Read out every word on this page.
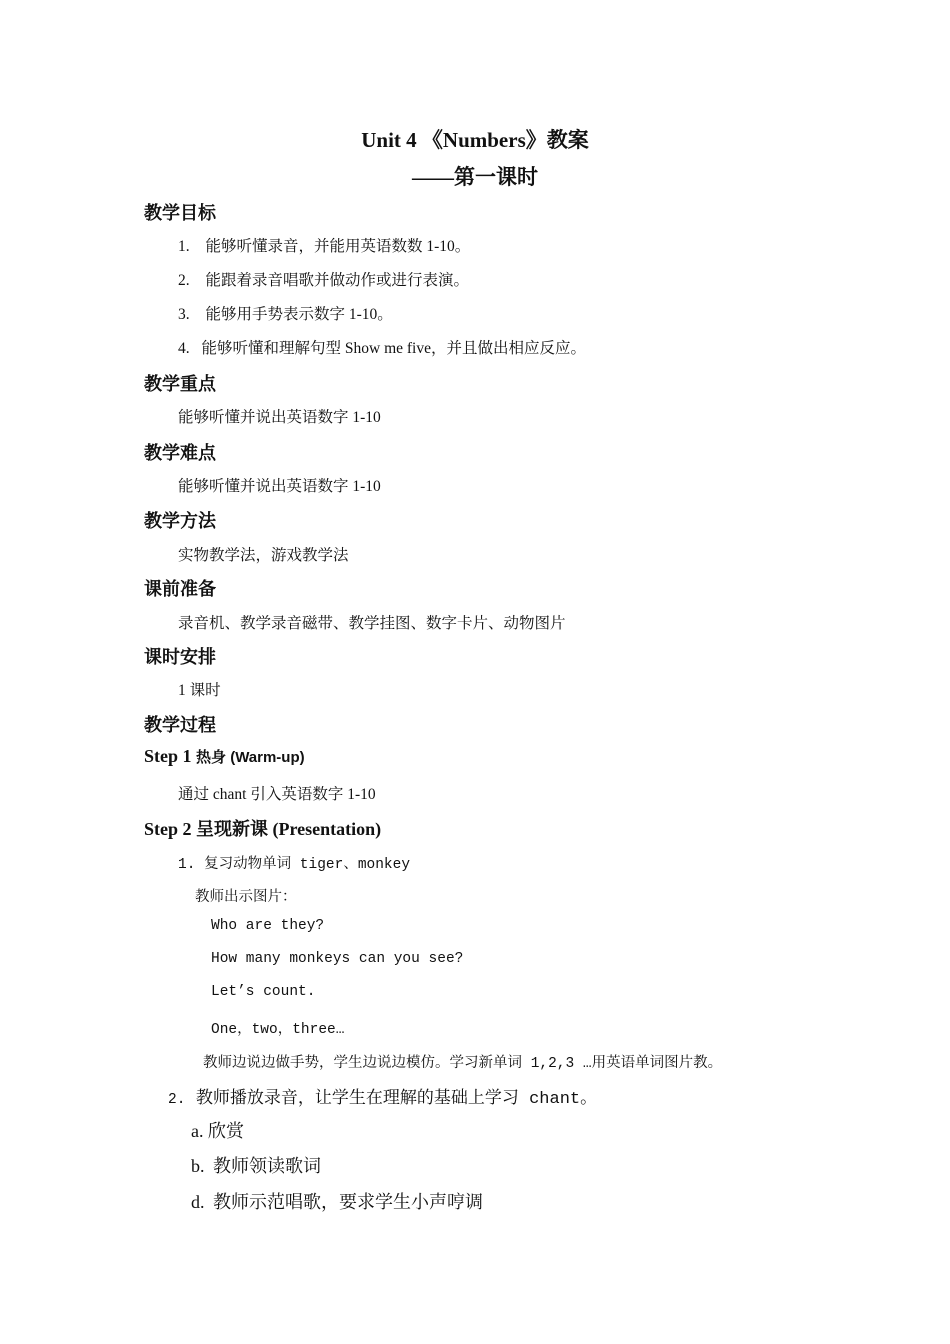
Unit 4 《Numbers》教案
——第一课时
教学目标
1. 能够听懂录音，并能用英语数数 1-10。
2. 能跟着录音唱歌并做动作或进行表演。
3. 能够用手势表示数字 1-10。
4. 能够听懂和理解句型 Show me five，并且做出相应反应。
教学重点
能够听懂并说出英语数字 1-10
教学难点
能够听懂并说出英语数字 1-10
教学方法
实物教学法，游戏教学法
课前准备
录音机、教学录音磁带、教学挂图、数字卡片、动物图片
课时安排
1 课时
教学过程
Step 1 热身 (Warm-up)
通过 chant 引入英语数字 1-10
Step 2 呈现新课 (Presentation)
1. 复习动物单词 tiger、monkey
教师出示图片：
Who are they?
How many monkeys can you see?
Let’s count.
One，two，three…
教师边说边做手势，学生边说边模仿。学习新单词 1,2,3 …用英语单词图片教。
2. 教师播放录音，让学生在理解的基础上学习 chant。
a. 欣赏
b. 教师领读歌词
d. 教师示范唱歌，要求学生小声哼调
